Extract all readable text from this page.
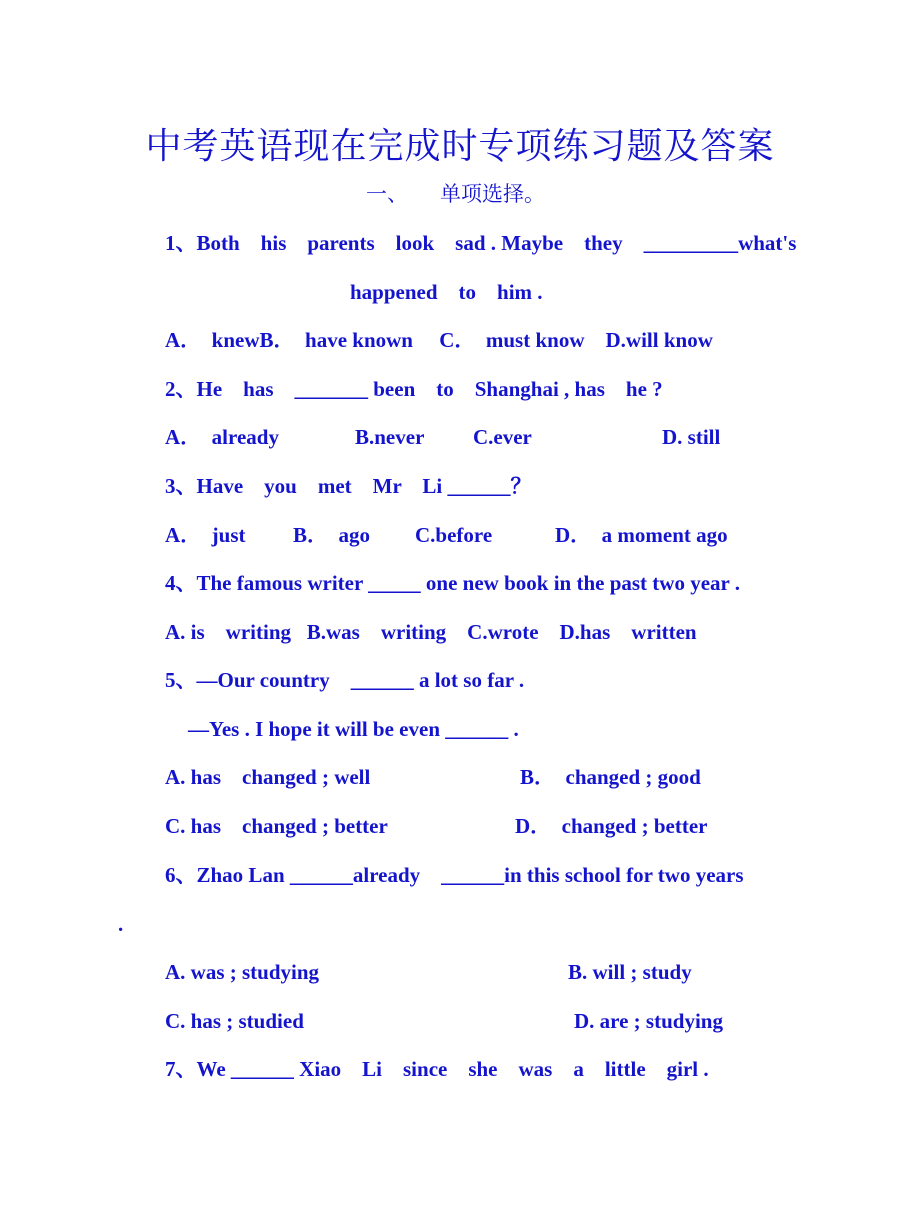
中考英语现在完成时专项练习题及答案
一、 单项选择。
1、Both    his    parents    look    sad . Maybe    they    _________what's
happened    to    him .
A．  knewB．  have known     C．  must know    D.will know
2、He    has    _______ been    to    Shanghai , has    he ?
A．  already	B.never C.ever	D. still
3、Have    you    met    Mr    Li ______？
A．  just B．  ago C.before	D．  a moment ago
4、The famous writer _____ one new book in the past two year .
A. is    writing   B.was    writing    C.wrote    D.has    written
5、—Our country    ______ a lot so far .
—Yes . I hope it will be even ______ .
A. has    changed ; well	B．  changed ; good
C. has    changed ; better	D．  changed ; better
6、Zhao Lan ______already    ______in this school for two years
.
A. was ; studying	B. will ; study
C. has ; studied	D. are ; studying
7、We ______ Xiao    Li    since    she    was    a    little    girl .
